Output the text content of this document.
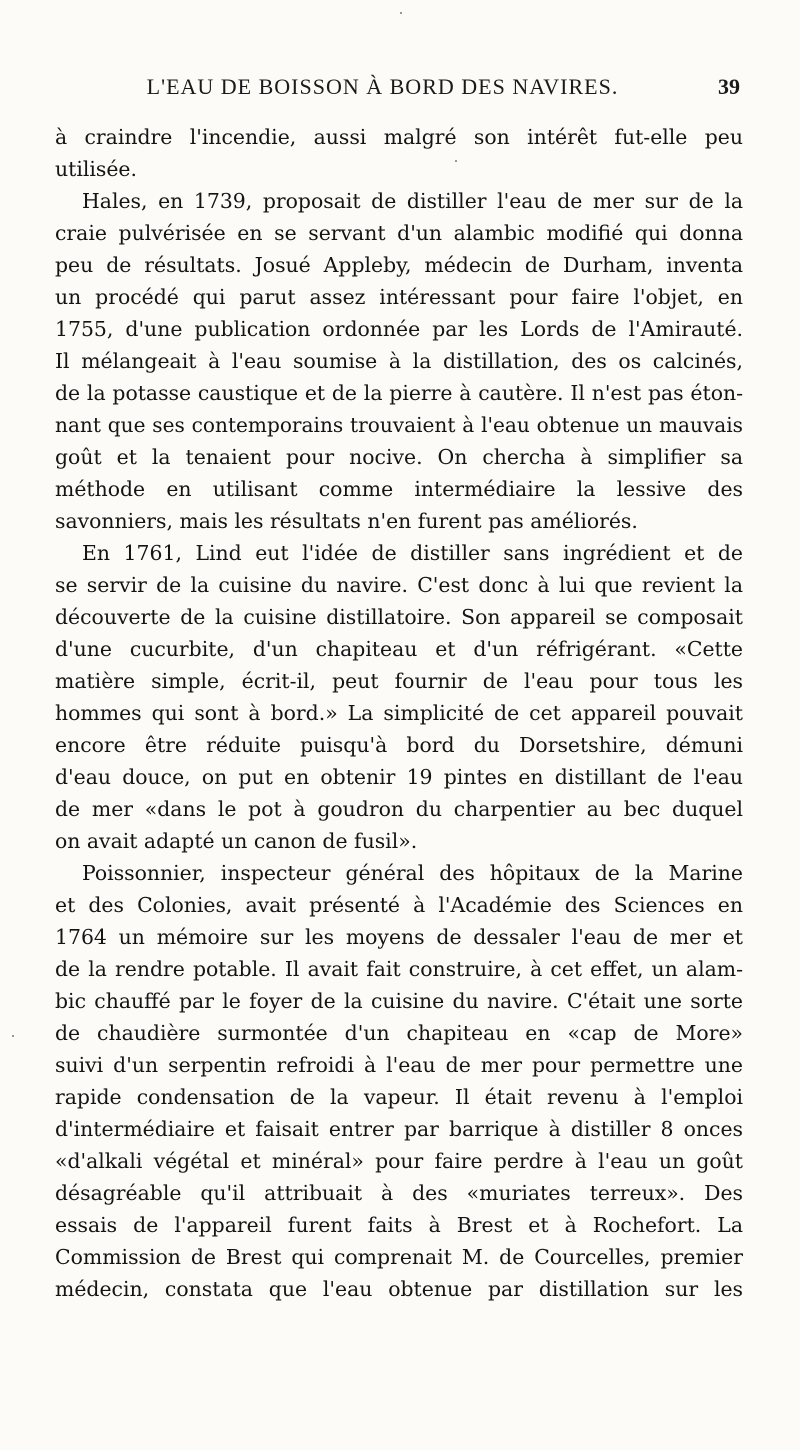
L'EAU DE BOISSON À BORD DES NAVIRES.	39
à craindre l'incendie, aussi malgré son intérêt fut-elle peu
utilisée.
Hales, en 1739, proposait de distiller l'eau de mer sur de la
craie pulvérisée en se servant d'un alambic modifié qui donna
peu de résultats. Josué Appleby, médecin de Durham, inventa
un procédé qui parut assez intéressant pour faire l'objet, en
1755, d'une publication ordonnée par les Lords de l'Amirauté.
Il mélangeait à l'eau soumise à la distillation, des os calcinés,
de la potasse caustique et de la pierre à cautère. Il n'est pas éton-
nant que ses contemporains trouvaient à l'eau obtenue un mauvais
goût et la tenaient pour nocive. On chercha à simplifier sa
méthode en utilisant comme intermédiaire la lessive des
savonniers, mais les résultats n'en furent pas améliorés.
En 1761, Lind eut l'idée de distiller sans ingrédient et de
se servir de la cuisine du navire. C'est donc à lui que revient la
découverte de la cuisine distillatoire. Son appareil se composait
d'une cucurbite, d'un chapiteau et d'un réfrigérant. «Cette
matière simple, écrit-il, peut fournir de l'eau pour tous les
hommes qui sont à bord.» La simplicité de cet appareil pouvait
encore être réduite puisqu'à bord du Dorsetshire, démuni
d'eau douce, on put en obtenir 19 pintes en distillant de l'eau
de mer «dans le pot à goudron du charpentier au bec duquel
on avait adapté un canon de fusil».
Poissonnier, inspecteur général des hôpitaux de la Marine
et des Colonies, avait présenté à l'Académie des Sciences en
1764 un mémoire sur les moyens de dessaler l'eau de mer et
de la rendre potable. Il avait fait construire, à cet effet, un alam-
bic chauffé par le foyer de la cuisine du navire. C'était une sorte
de chaudière surmontée d'un chapiteau en «cap de More»
suivi d'un serpentin refroidi à l'eau de mer pour permettre une
rapide condensation de la vapeur. Il était revenu à l'emploi
d'intermédiaire et faisait entrer par barrique à distiller 8 onces
«d'alkali végétal et minéral» pour faire perdre à l'eau un goût
désagréable qu'il attribuait à des «muriates terreux». Des
essais de l'appareil furent faits à Brest et à Rochefort. La
Commission de Brest qui comprenait M. de Courcelles, premier
médecin, constata que l'eau obtenue par distillation sur les
